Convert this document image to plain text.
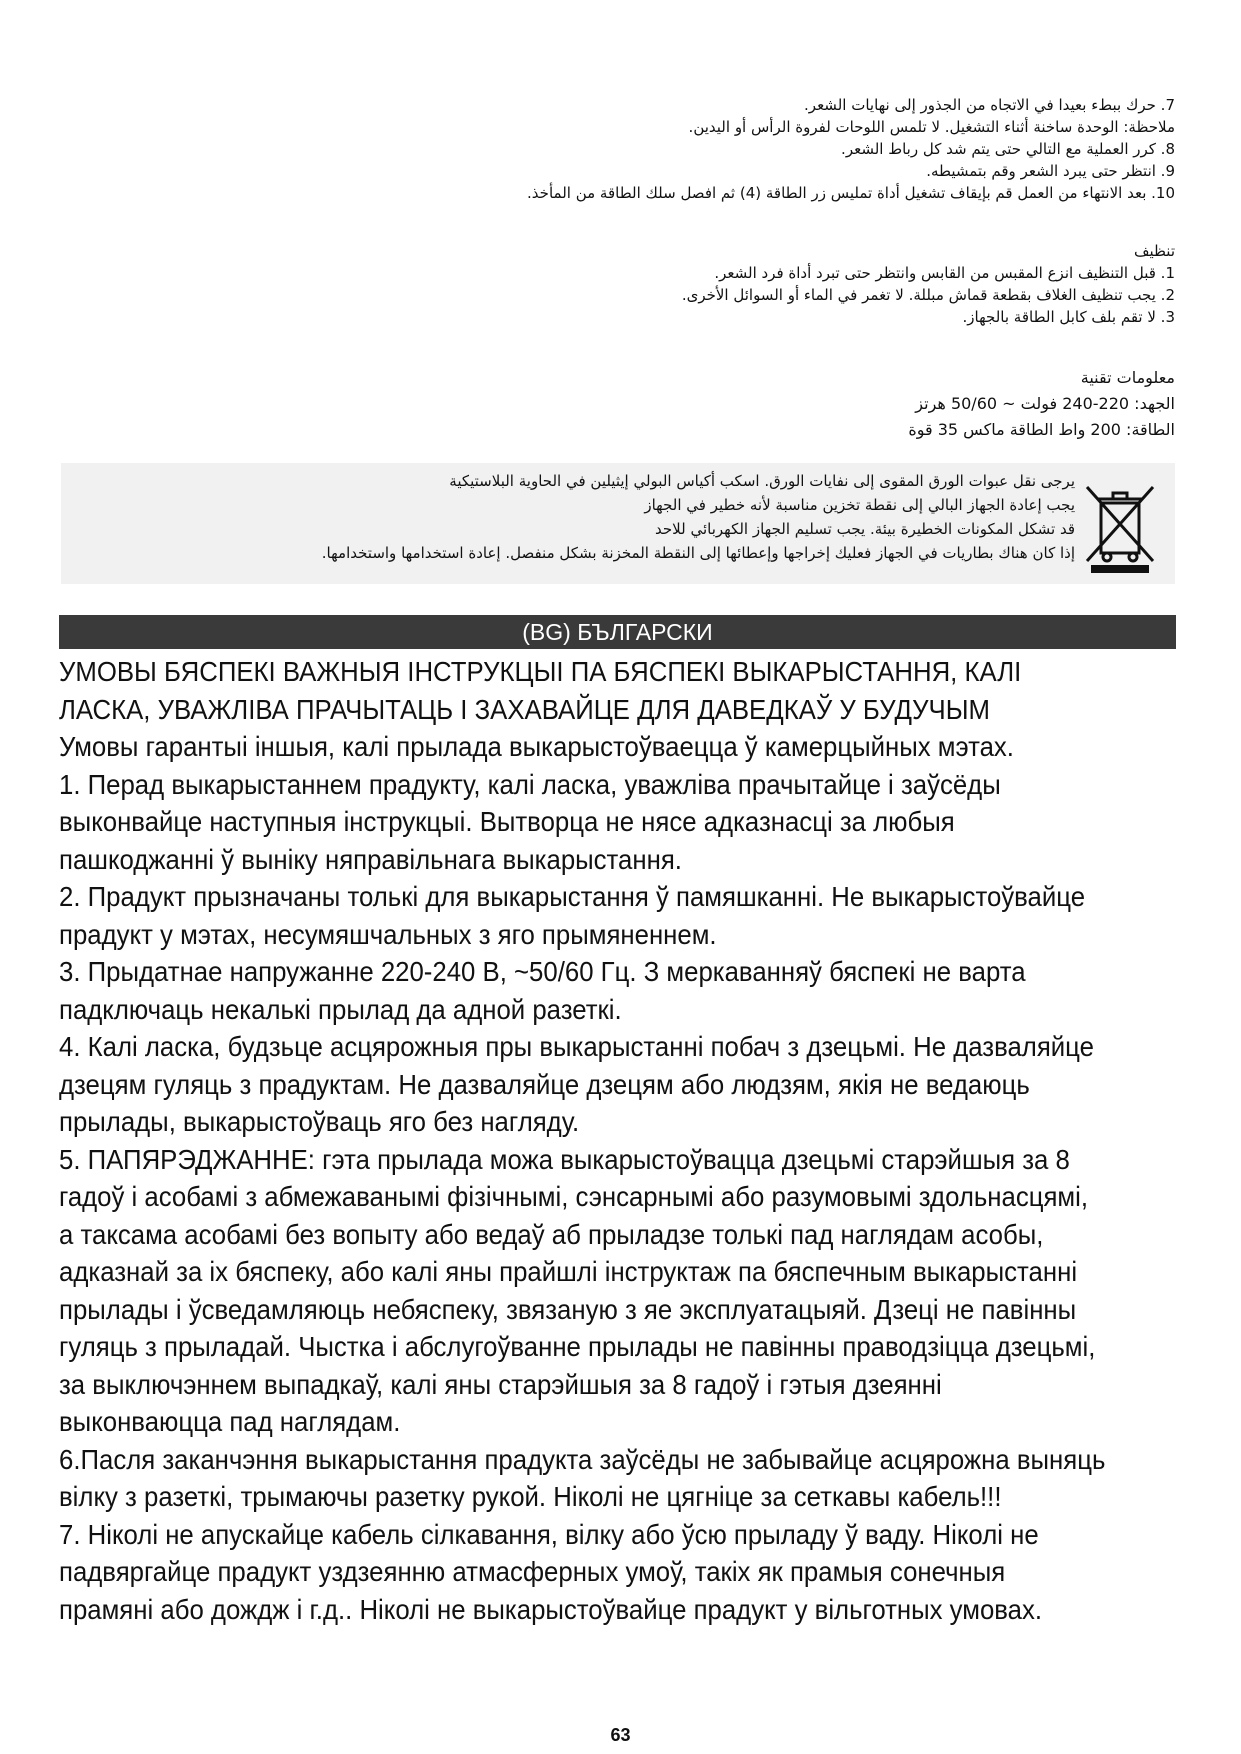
7. حرك ببطء بعيدا في الاتجاه من الجذور إلى نهايات الشعر.
ملاحظة: الوحدة ساخنة أثناء التشغيل. لا تلمس اللوحات لفروة الرأس أو اليدين.
8. كرر العملية مع التالي حتى يتم شد كل رباط الشعر.
9. انتظر حتى يبرد الشعر وقم بتمشيطه.
10. بعد الانتهاء من العمل قم بإيقاف تشغيل أداة تمليس زر الطاقة (4) ثم افصل سلك الطاقة من المأخذ.
تنظيف
1. قبل التنظيف انزع المقبس من القابس وانتظر حتى تبرد أداة فرد الشعر.
2. يجب تنظيف الغلاف بقطعة قماش مبللة. لا تغمر في الماء أو السوائل الأخرى.
3. لا تقم بلف كابل الطاقة بالجهاز.
معلومات تقنية
الجهد: 220-240 فولت ~ 50/60 هرتز
الطاقة: 200 واط الطاقة ماكس 35 قوة
يرجى نقل عبوات الورق المقوى إلى نفايات الورق. اسكب أكياس البولي إيثيلين في الحاوية البلاستيكية
يجب إعادة الجهاز البالي إلى نقطة تخزين مناسبة لأنه خطير في الجهاز
قد تشكل المكونات الخطيرة بيئة. يجب تسليم الجهاز الكهربائي للاحد
إذا كان هناك بطاريات في الجهاز فعليك إخراجها وإعطائها إلى النقطة المخزنة بشكل منفصل. إعادة استخدامها واستخدامها.
(BG) БЪЛГАРСКИ
УМОВЫ БЯСПЕКІ ВАЖНЫЯ ІНСТРУКЦЫІ ПА БЯСПЕКІ ВЫКАРЫСТАННЯ, КАЛІ
ЛАСКА, УВАЖЛІВА ПРАЧЫТАЦЬ І ЗАХАВАЙЦЕ ДЛЯ ДАВЕДКАЎ У БУДУЧЫМ
Умовы гарантыі іншыя, калі прылада выкарыстоўваецца ў камерцыйных мэтах.
1. Перад выкарыстаннем прадукту, калі ласка, уважліва прачытайце і заўсёды
выконвайце наступныя інструкцыі. Вытворца не нясе адказнасці за любыя
пашкоджанні ў выніку няправільнага выкарыстання.
2. Прадукт прызначаны толькі для выкарыстання ў памяшканні. Не выкарыстоўвайце
прадукт у мэтах, несумяшчальных з яго прымяненнем.
3. Прыдатнае напружанне 220-240 В, ~50/60 Гц. З меркаванняў бяспекі не варта
падключаць некалькі прылад да адной разеткі.
4. Калі ласка, будзьце асцярожныя пры выкарыстанні побач з дзецьмі. Не дазваляйце
дзецям гуляць з прадуктам. Не дазваляйце дзецям або людзям, якія не ведаюць
прылады, выкарыстоўваць яго без нагляду.
5. ПАПЯРЭДЖАННЕ: гэта прылада можа выкарыстоўвацца дзецьмі старэйшыя за 8
гадоў і асобамі з абмежаванымі фізічнымі, сэнсарнымі або разумовымі здольнасцямі,
а таксама асобамі без вопыту або ведаў аб прыладзе толькі пад наглядам асобы,
адказнай за іх бяспеку, або калі яны прайшлі інструктаж па бяспечным выкарыстанні
прылады і ўсведамляюць небяспеку, звязаную з яе эксплуатацыяй. Дзеці не павінны
гуляць з прыладай. Чыстка і абслугоўванне прылады не павінны праводзіцца дзецьмі,
за выключэннем выпадкаў, калі яны старэйшыя за 8 гадоў і гэтыя дзеянні
выконваюцца пад наглядам.
6.Пасля заканчэння выкарыстання прадукта заўсёды не забывайце асцярожна выняць
вілку з разеткі, трымаючы разетку рукой. Ніколі не цягніце за сеткавы кабель!!!
7. Ніколі не апускайце кабель сілкавання, вілку або ўсю прыладу ў ваду. Ніколі не
падвяргайце прадукт уздзеянню атмасферных умоў, такіх як прамыя сонечныя
прамяні або дождж і г.д.. Ніколі не выкарыстоўвайце прадукт у вільготных умовах.
63
